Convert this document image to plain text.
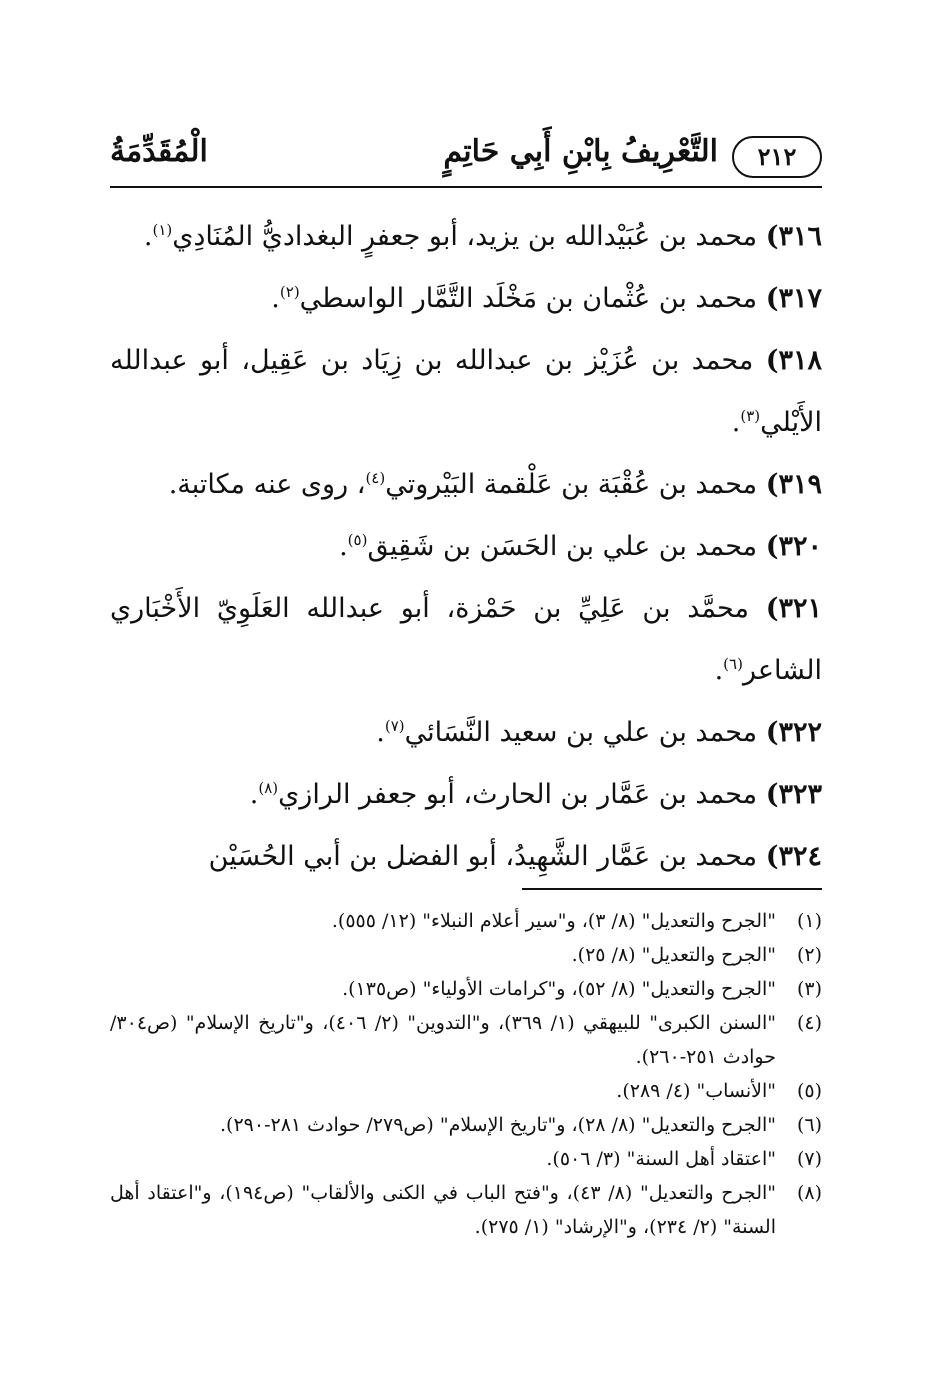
٢١٢
التَّعْرِيفُ بِابْنِ أَبِي حَاتِمٍ
الْمُقَدِّمَةُ

٣١٦) محمد بن عُبَيْدالله بن يزيد، أبو جعفرٍ البغداديُّ المُنَادِي$^{(١)}$.

٣١٧) محمد بن عُثْمان بن مَخْلَد التَّمَّار الواسطي$^{(٢)}$.

٣١٨) محمد بن عُزَيْز بن عبدالله بن زِيَاد بن عَقِيل، أبو عبدالله الأَيْلي$^{(٣)}$.

٣١٩) محمد بن عُقْبَة بن عَلْقمة البَيْروتي$^{(٤)}$، روى عنه مكاتبة.

٣٢٠) محمد بن علي بن الحَسَن بن شَقِيق$^{(٥)}$.

٣٢١) محمَّد بن عَلِيِّ بن حَمْزة، أبو عبدالله العَلَوِيّ الأَخْبَاري الشاعر$^{(٦)}$.

٣٢٢) محمد بن علي بن سعيد النَّسَائي$^{(٧)}$.

٣٢٣) محمد بن عَمَّار بن الحارث، أبو جعفر الرازي$^{(٨)}$.

٣٢٤) محمد بن عَمَّار الشَّهِيدُ، أبو الفضل بن أبي الحُسَيْن

(١)
"الجرح والتعديل" (٨/ ٣)، و"سير أعلام النبلاء" (١٢/ ٥٥٥).
(٢)
"الجرح والتعديل" (٨/ ٢٥).
(٣)
"الجرح والتعديل" (٨/ ٥٢)، و"كرامات الأولياء" (ص١٣٥).
(٤)
"السنن الكبرى" للبيهقي (١/ ٣٦٩)، و"التدوين" (٢/ ٤٠٦)، و"تاريخ الإسلام" (ص٣٠٤/ حوادث ٢٥١-٢٦٠).
(٥)
"الأنساب" (٤/ ٢٨٩).
(٦)
"الجرح والتعديل" (٨/ ٢٨)، و"تاريخ الإسلام" (ص٢٧٩/ حوادث ٢٨١-٢٩٠).
(٧)
"اعتقاد أهل السنة" (٣/ ٥٠٦).
(٨)
"الجرح والتعديل" (٨/ ٤٣)، و"فتح الباب في الكنى والألقاب" (ص١٩٤)، و"اعتقاد أهل السنة" (٢/ ٢٣٤)، و"الإرشاد" (١/ ٢٧٥).
